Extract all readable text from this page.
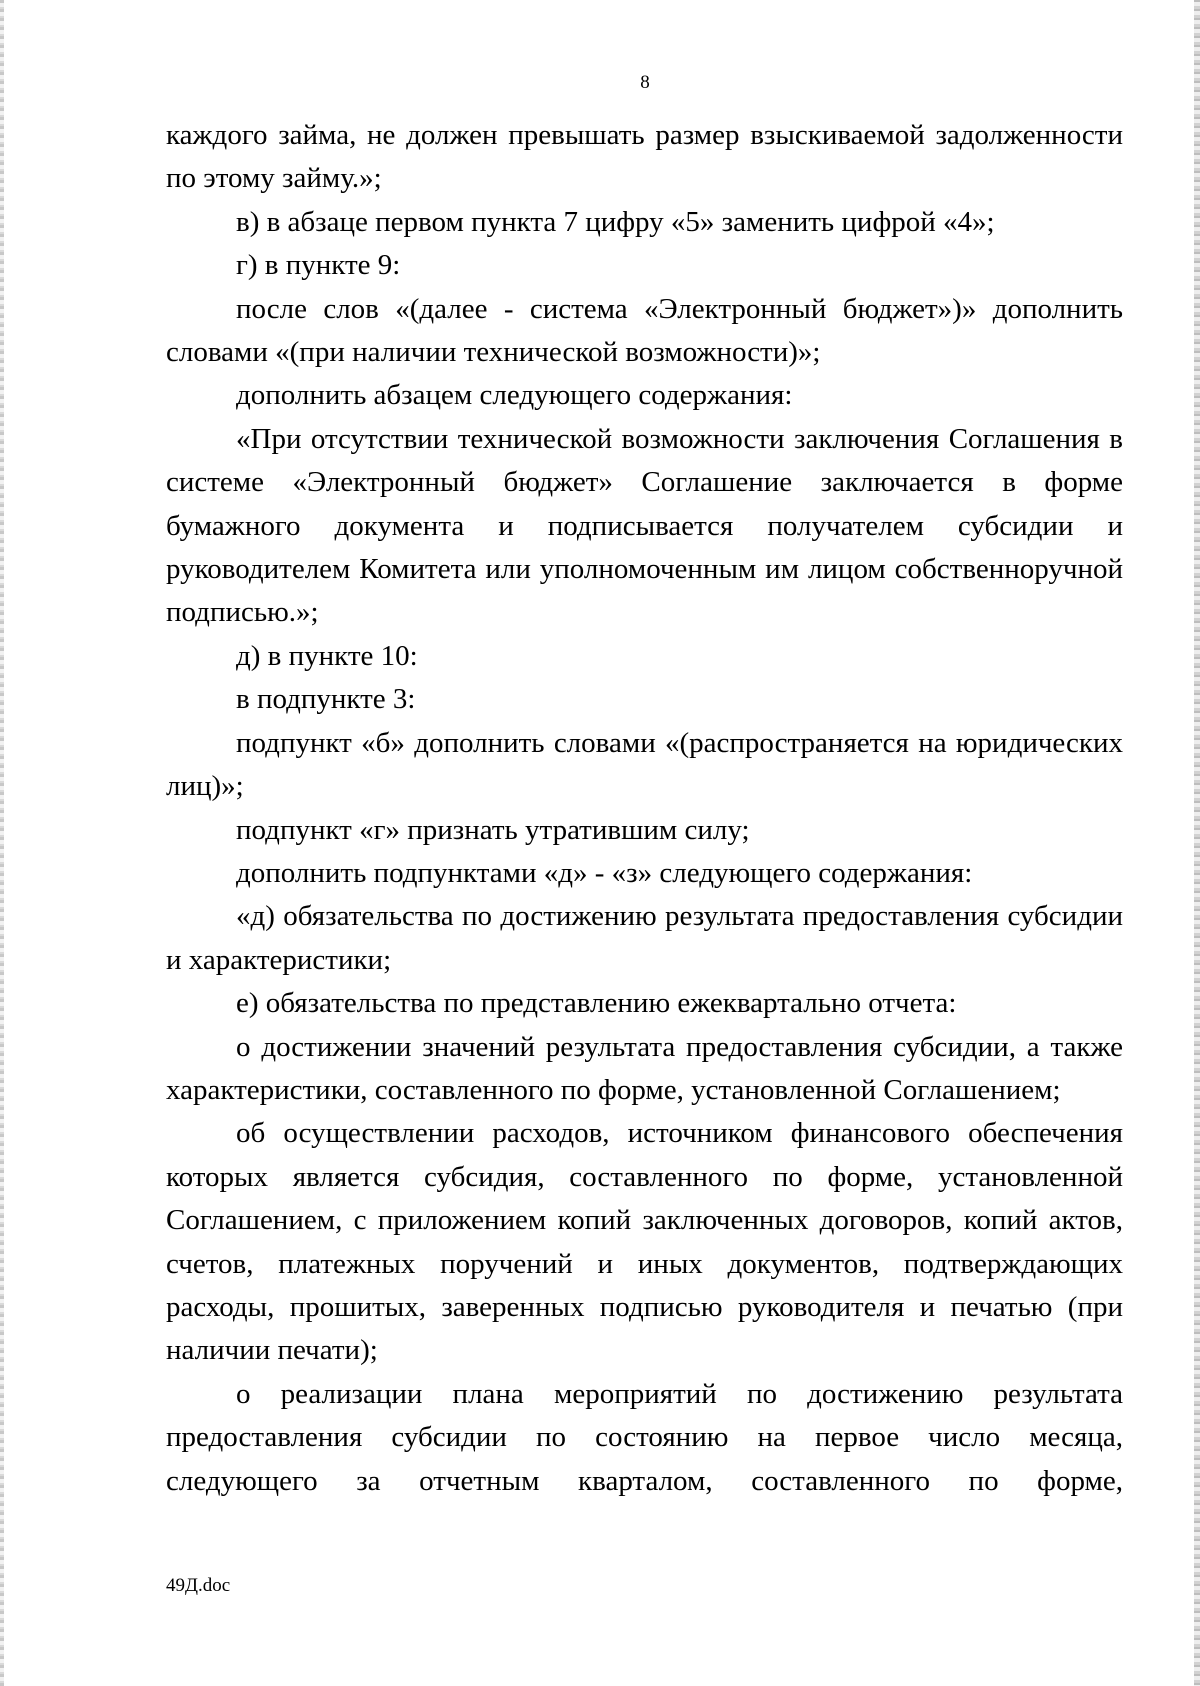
8

каждого займа, не должен превышать размер взыскиваемой задолженности по этому займу.»;

в) в абзаце первом пункта 7 цифру «5» заменить цифрой «4»;

г) в пункте 9:

после слов «(далее - система «Электронный бюджет»)» дополнить словами «(при наличии технической возможности)»;

дополнить абзацем следующего содержания:

«При отсутствии технической возможности заключения Соглашения в системе «Электронный бюджет» Соглашение заключается в форме бумажного документа и подписывается получателем субсидии и руководителем Комитета или уполномоченным им лицом собственноручной подписью.»;

д) в пункте 10:

в подпункте 3:

подпункт «б» дополнить словами «(распространяется на юридических лиц)»;

подпункт «г» признать утратившим силу;

дополнить подпунктами «д» - «з» следующего содержания:

«д) обязательства по достижению результата предоставления субсидии и характеристики;

е) обязательства по представлению ежеквартально отчета:

о достижении значений результата предоставления субсидии, а также характеристики, составленного по форме, установленной Соглашением;

об осуществлении расходов, источником финансового обеспечения которых является субсидия, составленного по форме, установленной Соглашением, с приложением копий заключенных договоров, копий актов, счетов, платежных поручений и иных документов, подтверждающих расходы, прошитых, заверенных подписью руководителя и печатью (при наличии печати);

о реализации плана мероприятий по достижению результата предоставления субсидии по состоянию на первое число месяца, следующего за отчетным кварталом, составленного по форме,

49Д.doc
